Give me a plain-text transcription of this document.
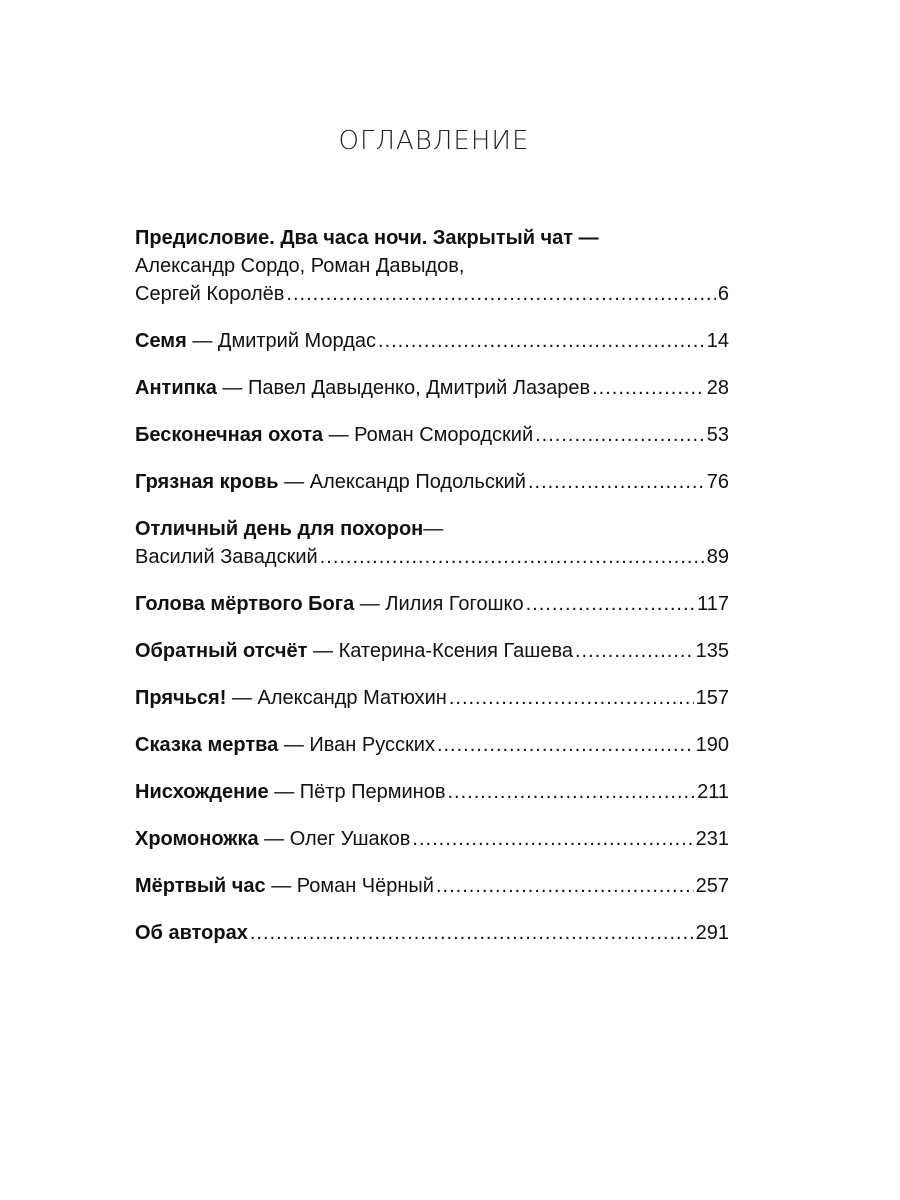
ОГЛАВЛЕНИЕ
Предисловие. Два часа ночи. Закрытый чат —
Александр Сордо, Роман Давыдов,
Сергей Королёв .....	6
Семя
— Дмитрий Мордас .....	14
Антипка
— Павел Давыденко, Дмитрий Лазарев .....	28
Бесконечная охота
— Роман Смородский .....	53
Грязная кровь
— Александр Подольский .....	76
Отличный день для похорон —
Василий Завадский .....	89
Голова мёртвого Бога
— Лилия Гогошко .....	117
Обратный отсчёт
— Катерина-Ксения Гашева .....	135
Прячься!
— Александр Матюхин .....	157
Сказка мертва
— Иван Русских .....	190
Нисхождение
— Пётр Перминов .....	211
Хромоножка
— Олег Ушаков .....	231
Мёртвый час
— Роман Чёрный .....	257
Об авторах .....	291
